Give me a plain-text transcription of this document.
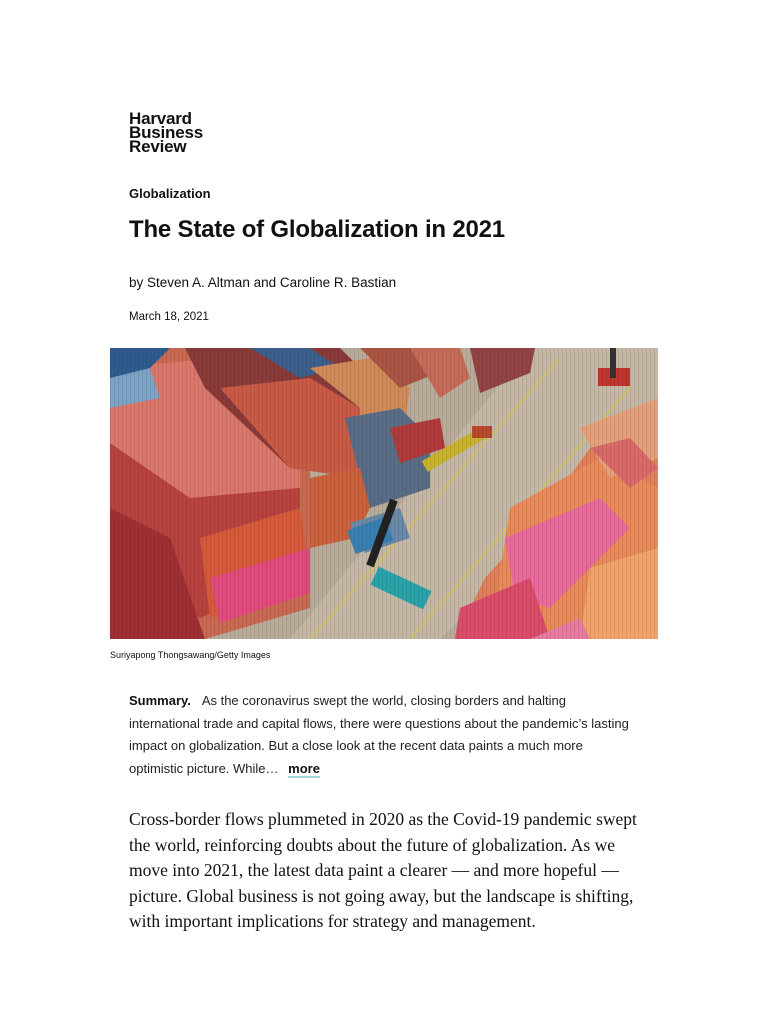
Harvard
Business
Review
Globalization
The State of Globalization in 2021
by Steven A. Altman and Caroline R. Bastian
March 18, 2021
Suriyapong Thongsawang/Getty Images
Summary. As the coronavirus swept the world, closing borders and halting international trade and capital flows, there were questions about the pandemic’s lasting impact on globalization. But a close look at the recent data paints a much more optimistic picture. While… more

Cross-border flows plummeted in 2020 as the Covid-19 pandemic swept the world, reinforcing doubts about the future of globalization. As we move into 2021, the latest data paint a clearer — and more hopeful — picture. Global business is not going away, but the landscape is shifting, with important implications for strategy and management.
